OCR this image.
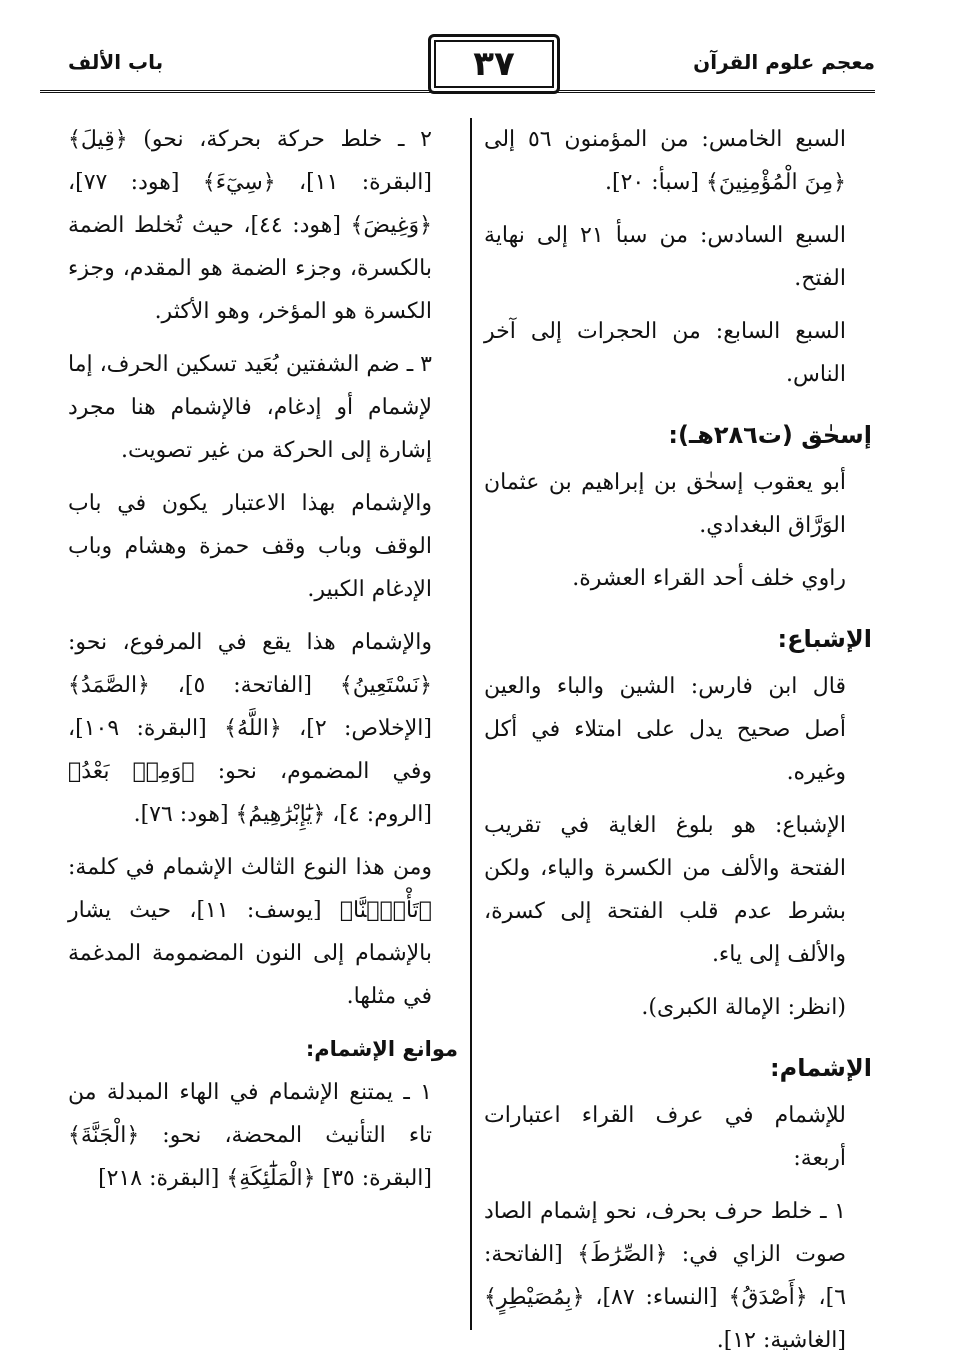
باب الألف	٣٧	معجم علوم القرآن

السبع الخامس: من المؤمنون ٥٦ إلى ﴿مِنَ الْمُؤْمِنِينَ﴾ [سبأ: ٢٠].

السبع السادس: من سبأ ٢١ إلى نهاية الفتح.

السبع السابع: من الحجرات إلى آخر الناس.

إسحٰق (ت٢٨٦هـ):

أبو يعقوب إسحٰق بن إبراهيم بن عثمان الوَرَّاق البغدادي.

راوي خلف أحد القراء العشرة.

الإشباع:

قال ابن فارس: الشين والباء والعين أصل صحيح يدل على امتلاء في أكل وغيره.

الإشباع: هو بلوغ الغاية في تقريب الفتحة والألف من الكسرة والياء، ولكن بشرط عدم قلب الفتحة إلى كسرة، والألف إلى ياء.

(انظر: الإمالة الكبرى).

الإشمام:

للإشمام في عرف القراء اعتبارات أربعة:

١ ـ خلط حرف بحرف، نحو إشمام الصاد صوت الزاي في: ﴿الصِّرَٰطَ﴾ [الفاتحة: ٦]، ﴿أَصْدَقُ﴾ [النساء: ٨٧]، ﴿بِمُصَيْطِرٍ﴾ [الغاشية: ١٢].

٢ ـ خلط حركة بحركة، نحو) ﴿قِيلَ﴾ [البقرة: ١١]، ﴿سِيٓءَ﴾ [هود: ٧٧]، ﴿وَغِيضَ﴾ [هود: ٤٤]، حيث تُخلط الضمة بالكسرة، وجزء الضمة هو المقدم، وجزء الكسرة هو المؤخر، وهو الأكثر.

٣ ـ ضم الشفتين بُعَيد تسكين الحرف، إما لإشمام أو إدغام، فالإشمام هنا مجرد إشارة إلى الحركة من غير تصويت.

والإشمام بهذا الاعتبار يكون في باب الوقف وباب وقف حمزة وهشام وباب الإدغام الكبير.

والإشمام هذا يقع في المرفوع، نحو: ﴿نَسْتَعِينُ﴾ [الفاتحة: ٥]، ﴿الصَّمَدُ﴾ [الإخلاص: ٢]، ﴿اللَّهُ﴾ [البقرة: ١٠٩]، وفي المضموم، نحو: ﴿وَمِنۢ بَعْدُ﴾ [الروم: ٤]، ﴿يَٰٓإِبْرَٰهِيمُ﴾ [هود: ٧٦].

ومن هذا النوع الثالث الإشمام في كلمة: ﴿تَأْمَ۫نَّا﴾ [يوسف: ١١]، حيث يشار بالإشمام إلى النون المضمومة المدغمة في مثلها.

موانع الإشمام:

١ ـ يمتنع الإشمام في الهاء المبدلة من تاء التأنيث المحضة، نحو: ﴿الْجَنَّةَ﴾ [البقرة: ٣٥] ﴿الْمَلَٰٓئِكَةِ﴾ [البقرة: ٢١٨]
